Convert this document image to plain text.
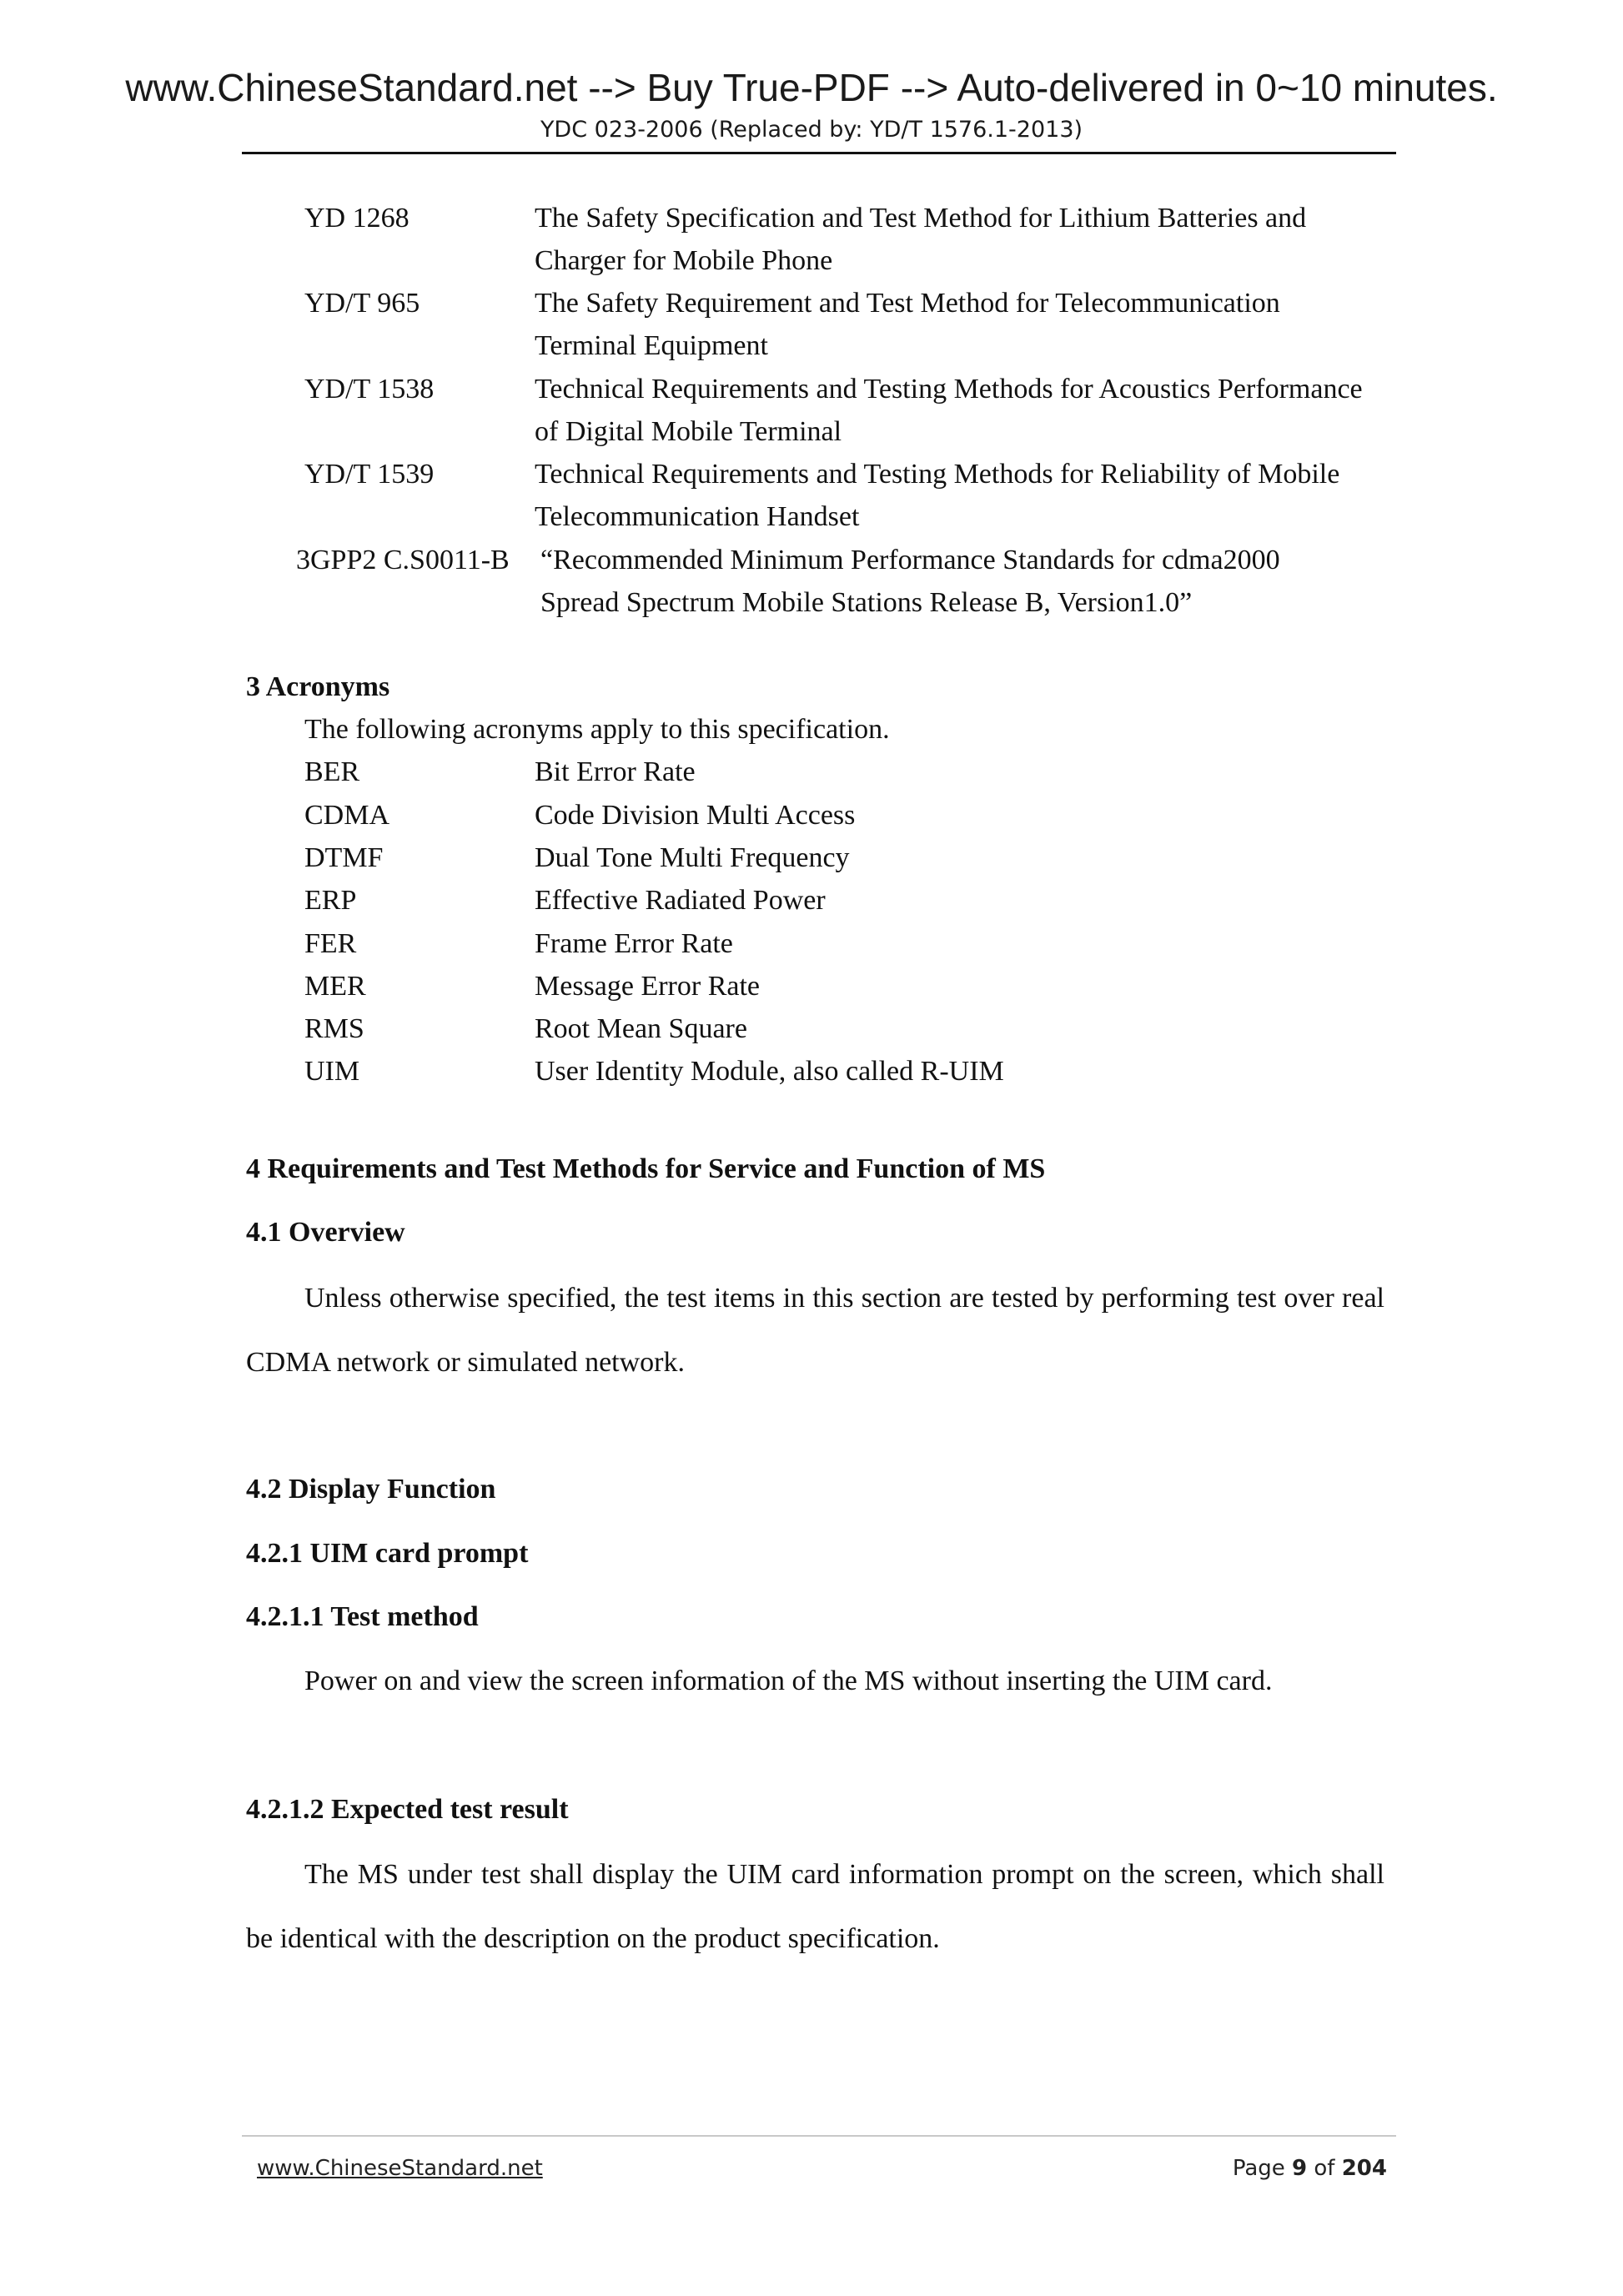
www.ChineseStandard.net --> Buy True-PDF --> Auto-delivered in 0~10 minutes.
YDC 023-2006 (Replaced by: YD/T 1576.1-2013)
YD 1268	The Safety Specification and Test Method for Lithium Batteries and
Charger for Mobile Phone
YD/T 965	The Safety Requirement and Test Method for Telecommunication
Terminal Equipment
YD/T 1538	Technical Requirements and Testing Methods for Acoustics Performance
of Digital Mobile Terminal
YD/T 1539	Technical Requirements and Testing Methods for Reliability of Mobile
Telecommunication Handset
3GPP2 C.S0011-B “Recommended Minimum Performance Standards for cdma2000
Spread Spectrum Mobile Stations Release B, Version1.0”
3 Acronyms
The following acronyms apply to this specification.
BER	Bit Error Rate
CDMA	Code Division Multi Access
DTMF	Dual Tone Multi Frequency
ERP	Effective Radiated Power
FER	Frame Error Rate
MER	Message Error Rate
RMS	Root Mean Square
UIM	User Identity Module, also called R-UIM
4 Requirements and Test Methods for Service and Function of MS
4.1 Overview
Unless otherwise specified, the test items in this section are tested by performing test over real CDMA network or simulated network.
4.2 Display Function
4.2.1 UIM card prompt
4.2.1.1 Test method
Power on and view the screen information of the MS without inserting the UIM card.
4.2.1.2 Expected test result
The MS under test shall display the UIM card information prompt on the screen, which shall be identical with the description on the product specification.
www.ChineseStandard.net	Page 9 of 204
